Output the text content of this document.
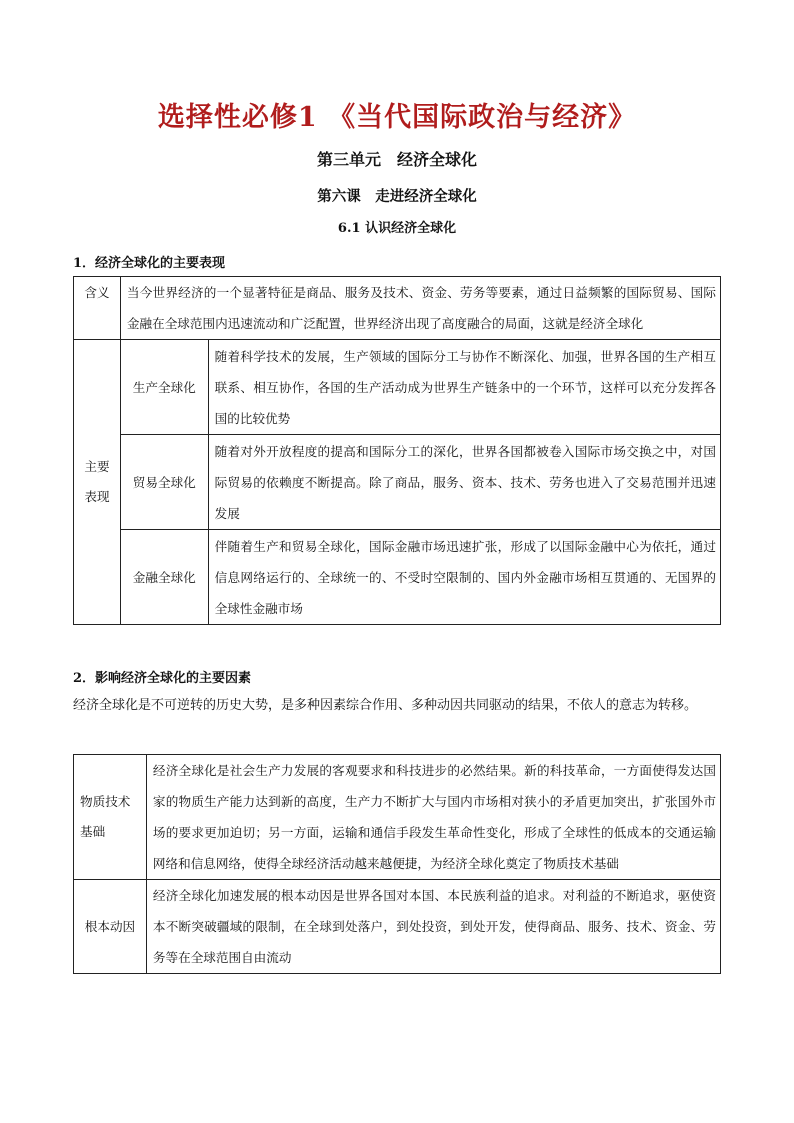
选择性必修1 《当代国际政治与经济》
第三单元　经济全球化
第六课　走进经济全球化
6.1 认识经济全球化
1．经济全球化的主要表现
含义	当今世界经济的一个显著特征是商品、服务及技术、资金、劳务等要素，通过日益频繁的国际贸易、国际金融在全球范围内迅速流动和广泛配置，世界经济出现了高度融合的局面，这就是经济全球化	

主要表现	生产全球化	随着科学技术的发展，生产领域的国际分工与协作不断深化、加强，世界各国的生产相互联系、相互协作，各国的生产活动成为世界生产链条中的一个环节，这样可以充分发挥各国的比较优势
	贸易全球化	随着对外开放程度的提高和国际分工的深化，世界各国都被卷入国际市场交换之中，对国际贸易的依赖度不断提高。除了商品，服务、资本、技术、劳务也进入了交易范围并迅速发展
	金融全球化	伴随着生产和贸易全球化，国际金融市场迅速扩张，形成了以国际金融中心为依托，通过信息网络运行的、全球统一的、不受时空限制的、国内外金融市场相互贯通的、无国界的全球性金融市场
2．影响经济全球化的主要因素
经济全球化是不可逆转的历史大势，是多种因素综合作用、多种动因共同驱动的结果，不依人的意志为转移。
物质技术基础	经济全球化是社会生产力发展的客观要求和科技进步的必然结果。新的科技革命，一方面使得发达国家的物质生产能力达到新的高度，生产力不断扩大与国内市场相对狭小的矛盾更加突出，扩张国外市场的要求更加迫切；另一方面，运输和通信手段发生革命性变化，形成了全球性的低成本的交通运输网络和信息网络，使得全球经济活动越来越便捷，为经济全球化奠定了物质技术基础
根本动因	经济全球化加速发展的根本动因是世界各国对本国、本民族利益的追求。对利益的不断追求，驱使资本不断突破疆域的限制，在全球到处落户，到处投资，到处开发，使得商品、服务、技术、资金、劳务等在全球范围自由流动
